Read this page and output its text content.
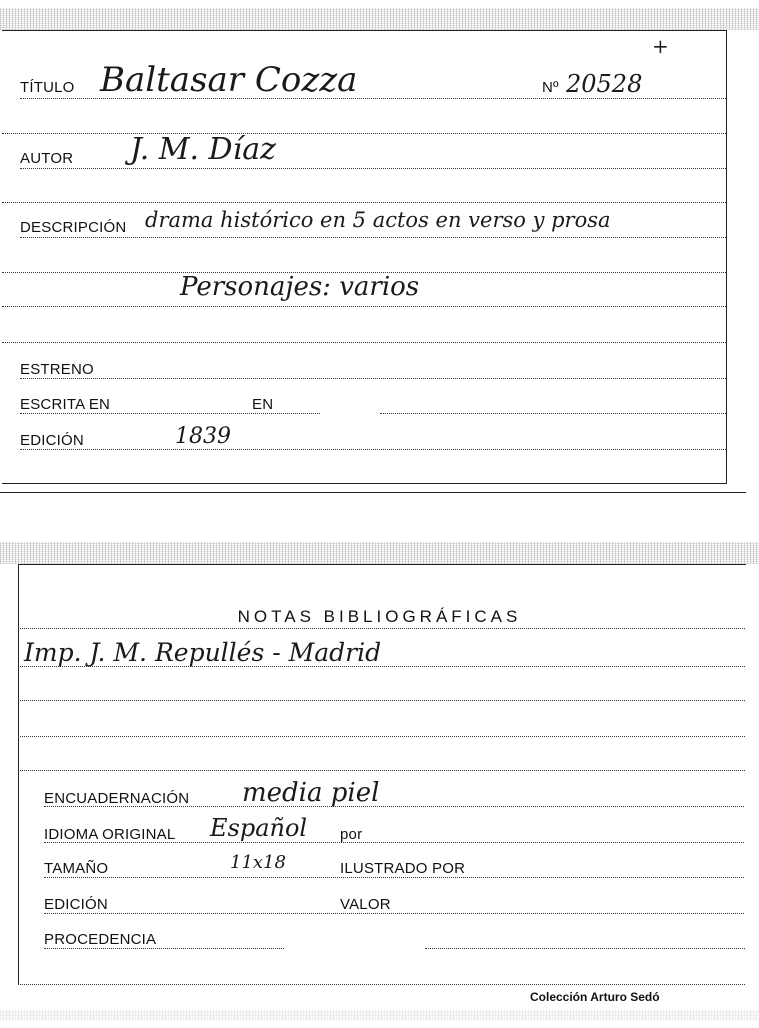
TÍTULO Baltasar Cozza	Nº 20528
+
AUTOR J. M. Díaz
DESCRIPCIÓN drama histórico en 5 actos en verso y prosa
Personajes: varios
ESTRENO
ESCRITA EN	EN
EDICIÓN	1839
NOTAS BIBLIOGRÁFICAS
Imp. J. M. Repullés - Madrid
ENCUADERNACIÓN media piel
IDIOMA ORIGINAL Español por
TAMAÑO	11x18	ILUSTRADO POR
EDICIÓN	VALOR
PROCEDENCIA
Colección Arturo Sedó
